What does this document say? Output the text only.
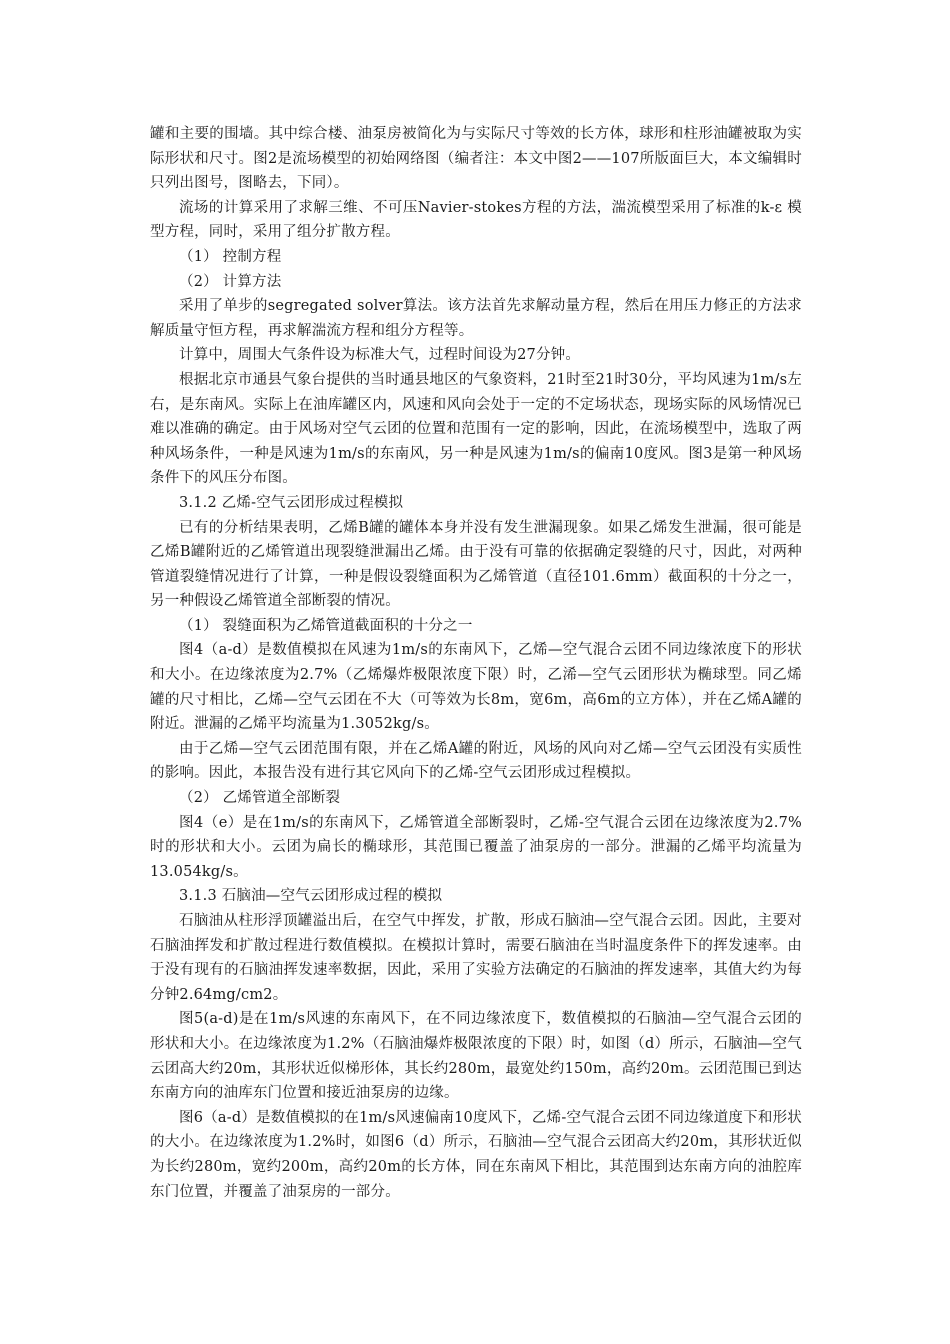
罐和主要的围墙。其中综合楼、油泵房被简化为与实际尺寸等效的长方体，球形和柱形油罐被取为实际形状和尺寸。图2是流场模型的初始网络图（编者注：本文中图2——107所版面巨大，本文编辑时只列出图号，图略去，下同）。

流场的计算采用了求解三维、不可压Navier-stokes方程的方法，湍流模型采用了标准的k-ε 模型方程，同时，采用了组分扩散方程。

（1） 控制方程

（2） 计算方法

采用了单步的segregated solver算法。该方法首先求解动量方程，然后在用压力修正的方法求解质量守恒方程，再求解湍流方程和组分方程等。

计算中，周围大气条件设为标准大气，过程时间设为27分钟。

根据北京市通县气象台提供的当时通县地区的气象资料，21时至21时30分，平均风速为1m/s左右，是东南风。实际上在油库罐区内，风速和风向会处于一定的不定场状态，现场实际的风场情况已难以准确的确定。由于风场对空气云团的位置和范围有一定的影响，因此，在流场模型中，选取了两种风场条件，一种是风速为1m/s的东南风，另一种是风速为1m/s的偏南10度风。图3是第一种风场条件下的风压分布图。

3.1.2 乙烯-空气云团形成过程模拟

已有的分析结果表明，乙烯B罐的罐体本身并没有发生泄漏现象。如果乙烯发生泄漏，很可能是乙烯B罐附近的乙烯管道出现裂缝泄漏出乙烯。由于没有可靠的依据确定裂缝的尺寸，因此，对两种管道裂缝情况进行了计算，一种是假设裂缝面积为乙烯管道（直径101.6mm）截面积的十分之一，另一种假设乙烯管道全部断裂的情况。

（1） 裂缝面积为乙烯管道截面积的十分之一

图4（a-d）是数值模拟在风速为1m/s的东南风下，乙烯—空气混合云团不同边缘浓度下的形状和大小。在边缘浓度为2.7%（乙烯爆炸极限浓度下限）时，乙浠—空气云团形状为椭球型。同乙烯罐的尺寸相比，乙烯—空气云团在不大（可等效为长8m，宽6m，高6m的立方体），并在乙烯A罐的附近。泄漏的乙烯平均流量为1.3052kg/s。

由于乙烯—空气云团范围有限，并在乙烯A罐的附近，风场的风向对乙烯—空气云团没有实质性的影响。因此，本报告没有进行其它风向下的乙烯-空气云团形成过程模拟。

（2） 乙烯管道全部断裂

图4（e）是在1m/s的东南风下，乙烯管道全部断裂时，乙烯-空气混合云团在边缘浓度为2.7%时的形状和大小。云团为扁长的椭球形，其范围已覆盖了油泵房的一部分。泄漏的乙烯平均流量为13.054kg/s。

3.1.3 石脑油—空气云团形成过程的模拟

石脑油从柱形浮顶罐溢出后，在空气中挥发，扩散，形成石脑油—空气混合云团。因此，主要对石脑油挥发和扩散过程进行数值模拟。在模拟计算时，需要石脑油在当时温度条件下的挥发速率。由于没有现有的石脑油挥发速率数据，因此，采用了实验方法确定的石脑油的挥发速率，其值大约为每分钟2.64mg/cm2。

图5(a-d)是在1m/s风速的东南风下，在不同边缘浓度下，数值模拟的石脑油—空气混合云团的形状和大小。在边缘浓度为1.2%（石脑油爆炸极限浓度的下限）时，如图（d）所示，石脑油—空气云团高大约20m，其形状近似梯形体，其长约280m，最宽处约150m，高约20m。云团范围已到达东南方向的油库东门位置和接近油泵房的边缘。

图6（a-d）是数值模拟的在1m/s风速偏南10度风下，乙烯-空气混合云团不同边缘道度下和形状的大小。在边缘浓度为1.2%时，如图6（d）所示，石脑油—空气混合云团高大约20m，其形状近似为长约280m，宽约200m，高约20m的长方体，同在东南风下相比，其范围到达东南方向的油腔库东门位置，并覆盖了油泵房的一部分。
